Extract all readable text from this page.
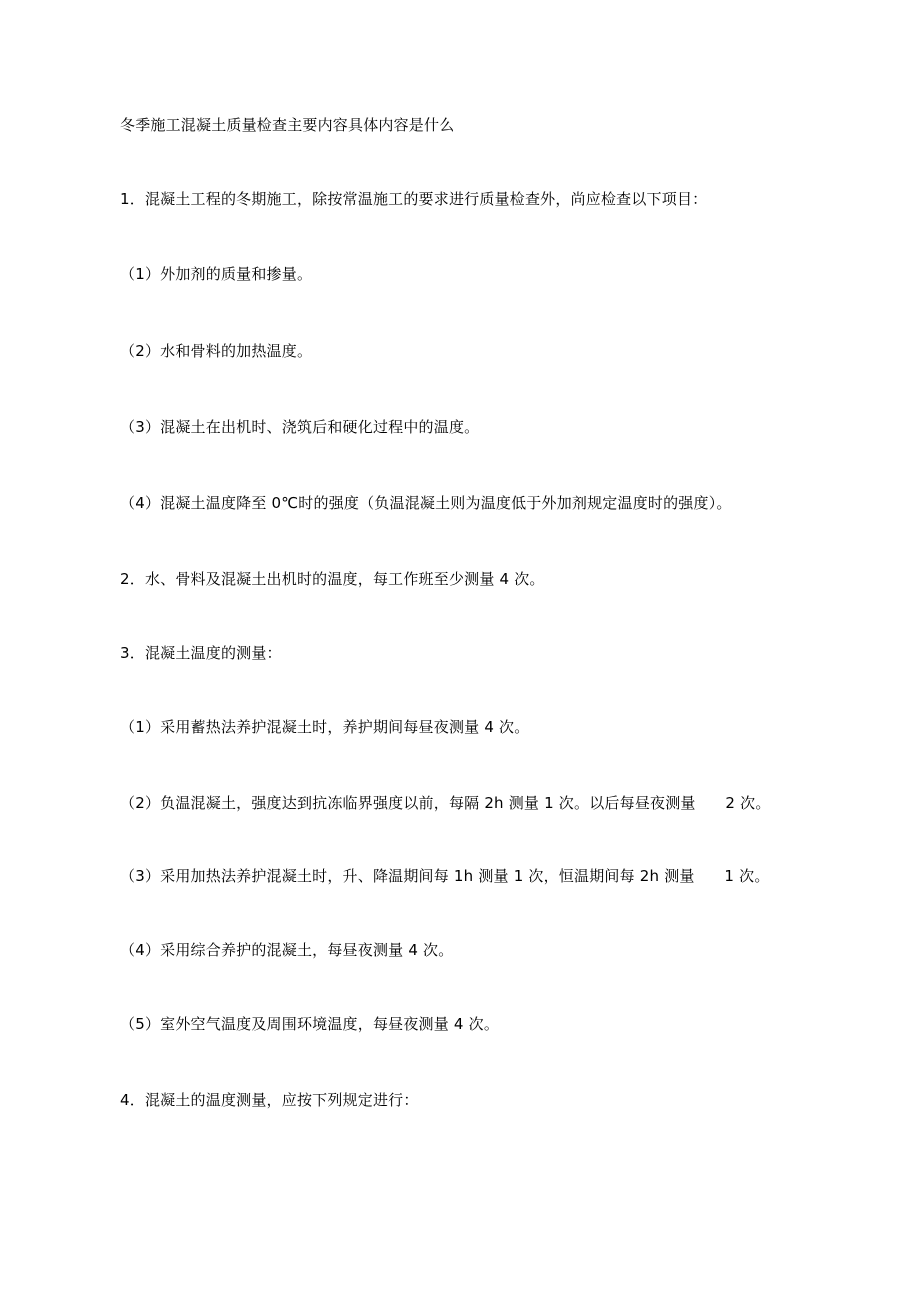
冬季施工混凝土质量检查主要内容具体内容是什么
1．混凝土工程的冬期施工，除按常温施工的要求进行质量检查外，尚应检查以下项目：
（1）外加剂的质量和掺量。
（2）水和骨料的加热温度。
（3）混凝土在出机时、浇筑后和硬化过程中的温度。
（4）混凝土温度降至 0℃时的强度（负温混凝土则为温度低于外加剂规定温度时的强度）。
2．水、骨料及混凝土出机时的温度，每工作班至少测量 4 次。
3．混凝土温度的测量：
（1）采用蓄热法养护混凝土时，养护期间每昼夜测量 4 次。
（2）负温混凝土，强度达到抗冻临界强度以前，每隔 2h 测量 1 次。以后每昼夜测量      2 次。
（3）采用加热法养护混凝土时，升、降温期间每 1h 测量 1 次，恒温期间每 2h 测量      1 次。
（4）采用综合养护的混凝土，每昼夜测量 4 次。
（5）室外空气温度及周围环境温度，每昼夜测量 4 次。
4．混凝土的温度测量，应按下列规定进行：
